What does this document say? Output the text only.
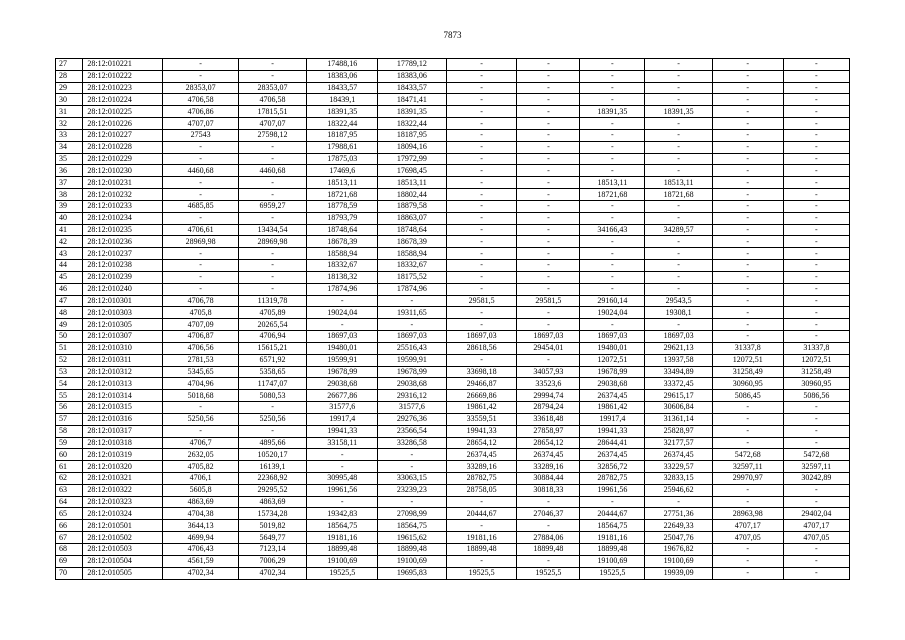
7873
27	28:12:010221	-	-	17488,16	17789,12	-	-	-	-	-	-
28	28:12:010222	-	-	18383,06	18383,06	-	-	-	-	-	-
29	28:12:010223	28353,07	28353,07	18433,57	18433,57	-	-	-	-	-	-
30	28:12:010224	4706,58	4706,58	18439,1	18471,41	-	-	-	-	-	-
31	28:12:010225	4706,86	17815,51	18391,35	18391,35	-	-	18391,35	18391,35	-	-
32	28:12:010226	4707,07	4707,07	18322,44	18322,44	-	-	-	-	-	-
33	28:12:010227	27543	27598,12	18187,95	18187,95	-	-	-	-	-	-
34	28:12:010228	-	-	17988,61	18094,16	-	-	-	-	-	-
35	28:12:010229	-	-	17875,03	17972,99	-	-	-	-	-	-
36	28:12:010230	4460,68	4460,68	17469,6	17698,45	-	-	-	-	-	-
37	28:12:010231	-	-	18513,11	18513,11	-	-	18513,11	18513,11	-	-
38	28:12:010232	-	-	18721,68	18802,44	-	-	18721,68	18721,68	-	-
39	28:12:010233	4685,85	6959,27	18778,59	18879,58	-	-	-	-	-	-
40	28:12:010234	-	-	18793,79	18863,07	-	-	-	-	-	-
41	28:12:010235	4706,61	13434,54	18748,64	18748,64	-	-	34166,43	34289,57	-	-
42	28:12:010236	28969,98	28969,98	18678,39	18678,39	-	-	-	-	-	-
43	28:12:010237	-	-	18588,94	18588,94	-	-	-	-	-	-
44	28:12:010238	-	-	18332,67	18332,67	-	-	-	-	-	-
45	28:12:010239	-	-	18138,32	18175,52	-	-	-	-	-	-
46	28:12:010240	-	-	17874,96	17874,96	-	-	-	-	-	-
47	28:12:010301	4706,78	11319,78	-	-	29581,5	29581,5	29160,14	29543,5	-	-
48	28:12:010303	4705,8	4705,89	19024,04	19311,65	-	-	19024,04	19308,1	-	-
49	28:12:010305	4707,09	20265,54	-	-	-	-	-	-	-	-
50	28:12:010307	4706,87	4706,94	18697,03	18697,03	18697,03	18697,03	18697,03	18697,03	-	-
51	28:12:010310	4706,56	15615,21	19480,01	25516,43	28618,56	29454,01	19480,01	29621,13	31337,8	31337,8
52	28:12:010311	2781,53	6571,92	19599,91	19599,91	-	-	12072,51	13937,58	12072,51	12072,51
53	28:12:010312	5345,65	5358,65	19678,99	19678,99	33698,18	34057,93	19678,99	33494,89	31258,49	31258,49
54	28:12:010313	4704,96	11747,07	29038,68	29038,68	29466,87	33523,6	29038,68	33372,45	30960,95	30960,95
55	28:12:010314	5018,68	5080,53	26677,86	29316,12	26669,86	29994,74	26374,45	29615,17	5086,45	5086,56
56	28:12:010315	-	-	31577,6	31577,6	19861,42	28794,24	19861,42	30606,84	-	-
57	28:12:010316	5250,56	5250,56	19917,4	29276,36	33559,51	33618,48	19917,4	31361,14	-	-
58	28:12:010317	-	-	19941,33	23566,54	19941,33	27858,97	19941,33	25828,97	-	-
59	28:12:010318	4706,7	4895,66	33158,11	33286,58	28654,12	28654,12	28644,41	32177,57	-	-
60	28:12:010319	2632,05	10520,17	-	-	26374,45	26374,45	26374,45	26374,45	5472,68	5472,68
61	28:12:010320	4705,82	16139,1	-	-	33289,16	33289,16	32856,72	33229,57	32597,11	32597,11
62	28:12:010321	4706,1	22368,92	30995,48	33063,15	28782,75	30884,44	28782,75	32833,15	29970,97	30242,89
63	28:12:010322	5605,8	29295,52	19961,56	23239,23	28758,05	30818,33	19961,56	25946,62	-	-
64	28:12:010323	4863,69	4863,69	-	-	-	-	-	-	-	-
65	28:12:010324	4704,38	15734,28	19342,83	27098,99	20444,67	27046,37	20444,67	27751,36	28963,98	29402,04
66	28:12:010501	3644,13	5019,82	18564,75	18564,75	-	-	18564,75	22649,33	4707,17	4707,17
67	28:12:010502	4699,94	5649,77	19181,16	19615,62	19181,16	27884,06	19181,16	25047,76	4707,05	4707,05
68	28:12:010503	4706,43	7123,14	18899,48	18899,48	18899,48	18899,48	18899,48	19676,82	-	-
69	28:12:010504	4561,59	7006,29	19100,69	19100,69	-	-	19100,69	19100,69	-	-
70	28:12:010505	4702,34	4702,34	19525,5	19695,83	19525,5	19525,5	19525,5	19939,09	-	-
